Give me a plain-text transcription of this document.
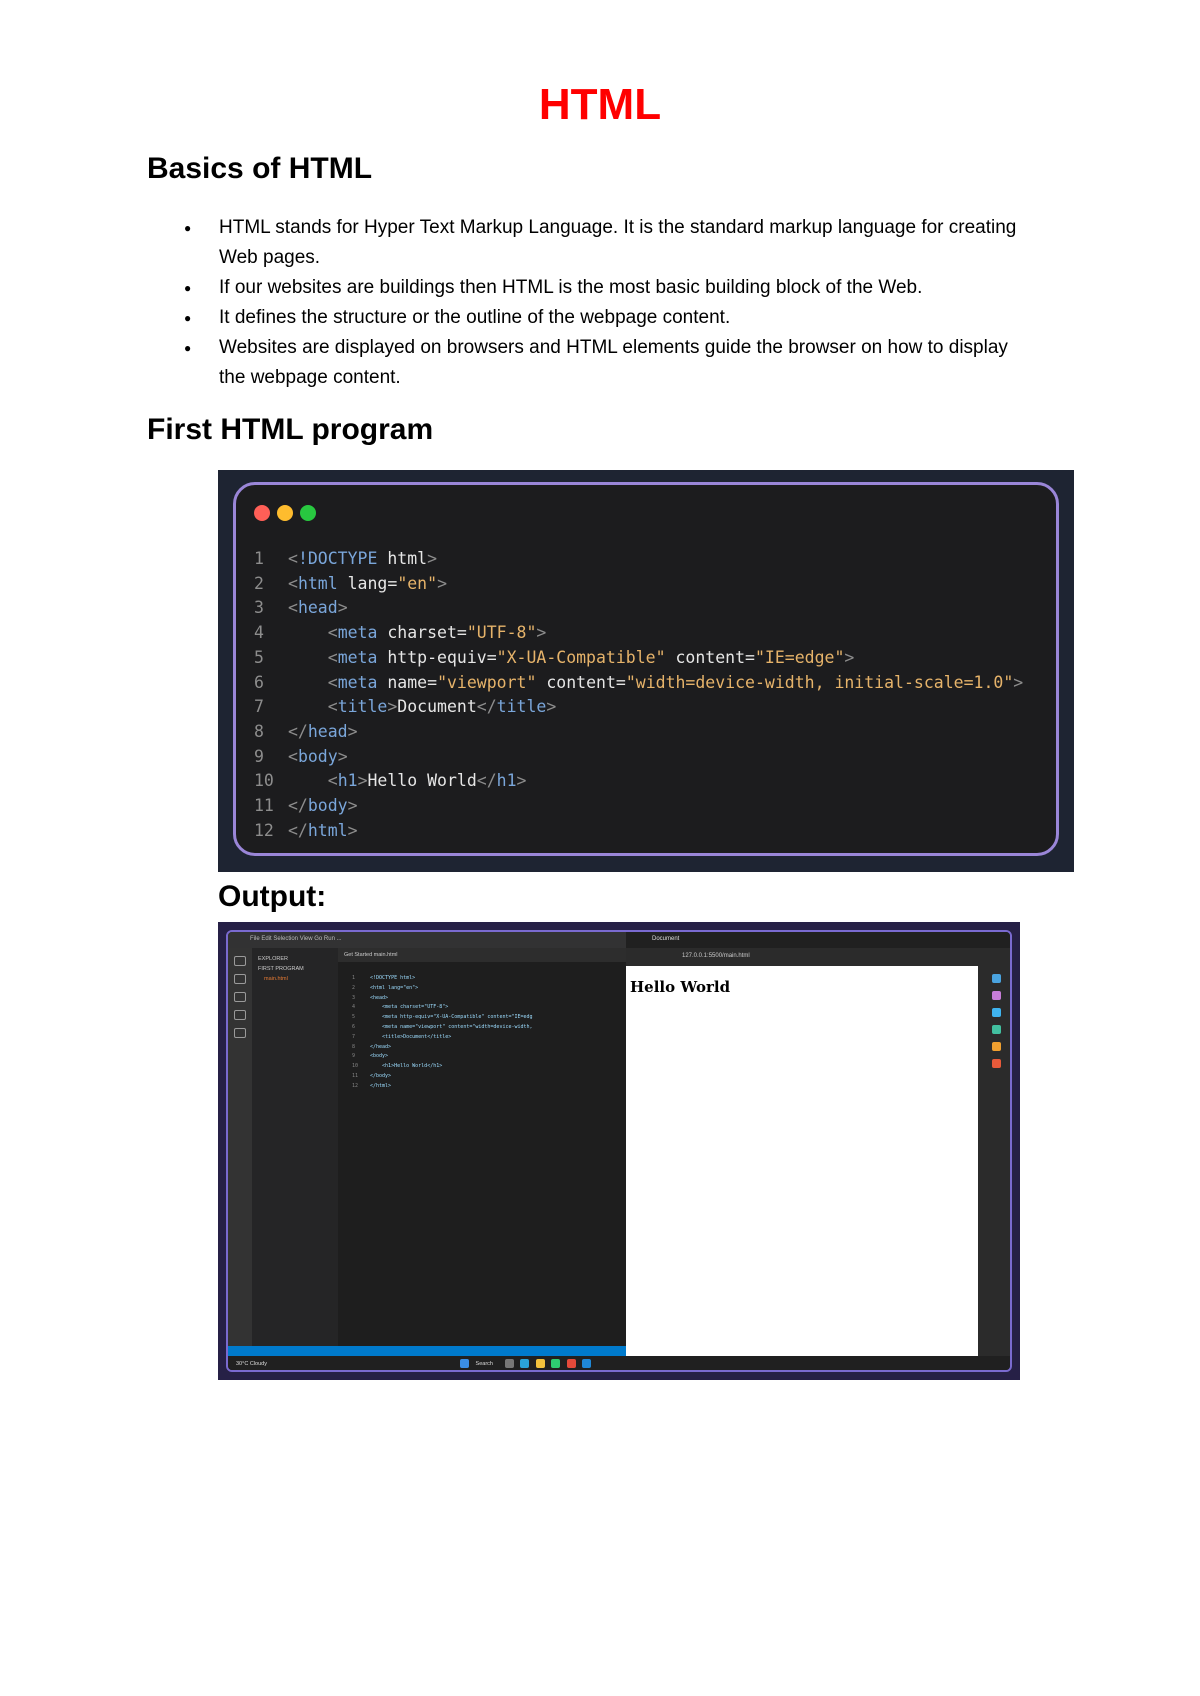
HTML
Basics of HTML
● HTML stands for Hyper Text Markup Language. It is the standard markup language for creating Web pages.
● If our websites are buildings then HTML is the most basic building block of the Web.
● It defines the structure or the outline of the webpage content.
● Websites are displayed on browsers and HTML elements guide the browser on how to display the webpage content.
First HTML program
1 <!DOCTYPE html>
2 <html lang="en">
3 <head>
4	<meta charset="UTF-8">
5	<meta http-equiv="X-UA-Compatible" content="IE=edge">
6	<meta name="viewport" content="width=device-width, initial-scale=1.0">
7	<title>Document</title>
8 </head>
9 <body>
10	<h1>Hello World</h1>
11 </body>
12 </html>
Output:
File Edit Selection View Go Run ...
EXPLORER
FIRST PROGRAM
main.html
Get Started main.html
1	<!DOCTYPE html>
2	<html lang="en">
3	<head>
4	<meta charset="UTF-8">
5	<meta http-equiv="X-UA-Compatible" content="IE=edg
6	<meta name="viewport" content="width=device-width,
7	<title>Document</title>
8	</head>
9	<body>
10	<h1>Hello World</h1>
11 </body>
12 </html>
Document
127.0.0.1:5500/main.html
Hello World
30°C Cloudy	Search
